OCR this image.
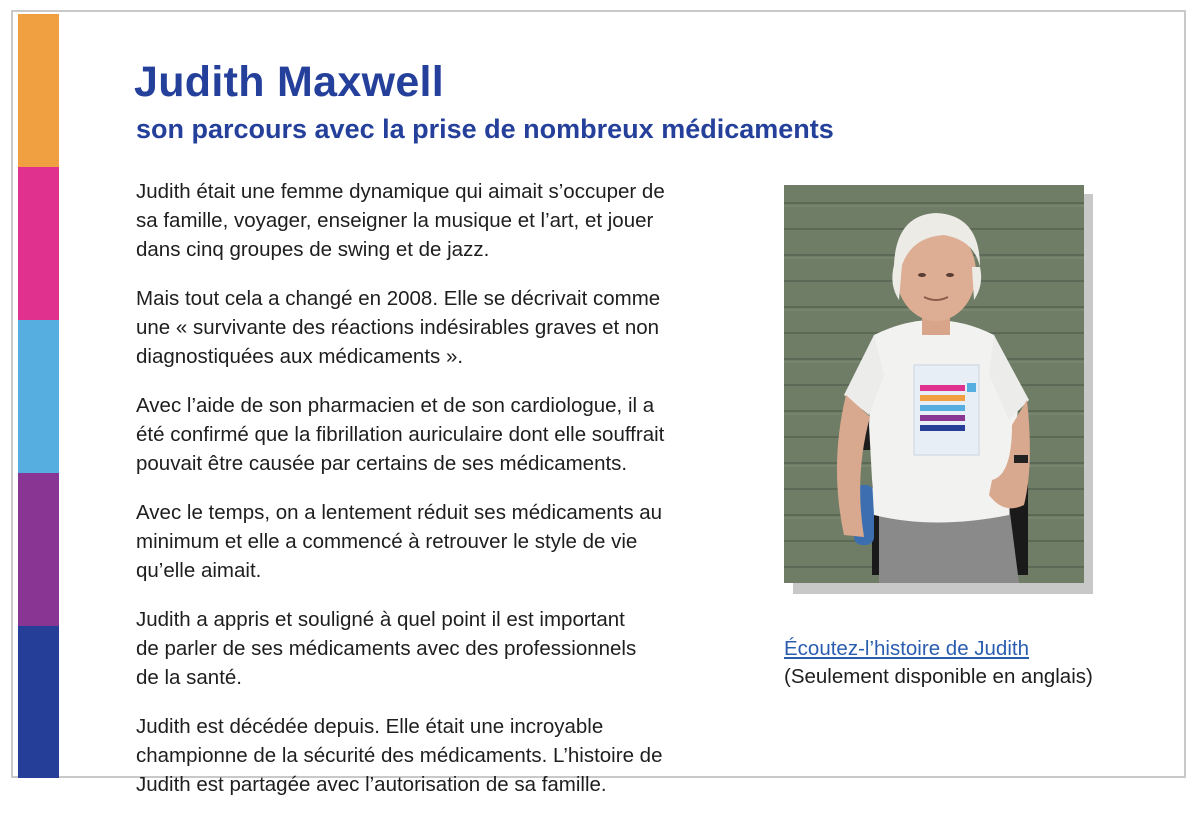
Judith Maxwell
son parcours avec la prise de nombreux médicaments

Judith était une femme dynamique qui aimait s’occuper de
sa famille, voyager, enseigner la musique et l’art, et jouer
dans cinq groupes de swing et de jazz.

Mais tout cela a changé en 2008. Elle se décrivait comme
une « survivante des réactions indésirables graves et non
diagnostiquées aux médicaments ».

Avec l’aide de son pharmacien et de son cardiologue, il a
été confirmé que la fibrillation auriculaire dont elle souffrait
pouvait être causée par certains de ses médicaments.

Avec le temps, on a lentement réduit ses médicaments au
minimum et elle a commencé à retrouver le style de vie
qu’elle aimait.

Judith a appris et souligné à quel point il est important
de parler de ses médicaments avec des professionnels
de la santé.

Judith est décédée depuis. Elle était une incroyable
championne de la sécurité des médicaments. L’histoire de
Judith est partagée avec l’autorisation de sa famille.

Écoutez-l’histoire de Judith
(Seulement disponible en anglais)
